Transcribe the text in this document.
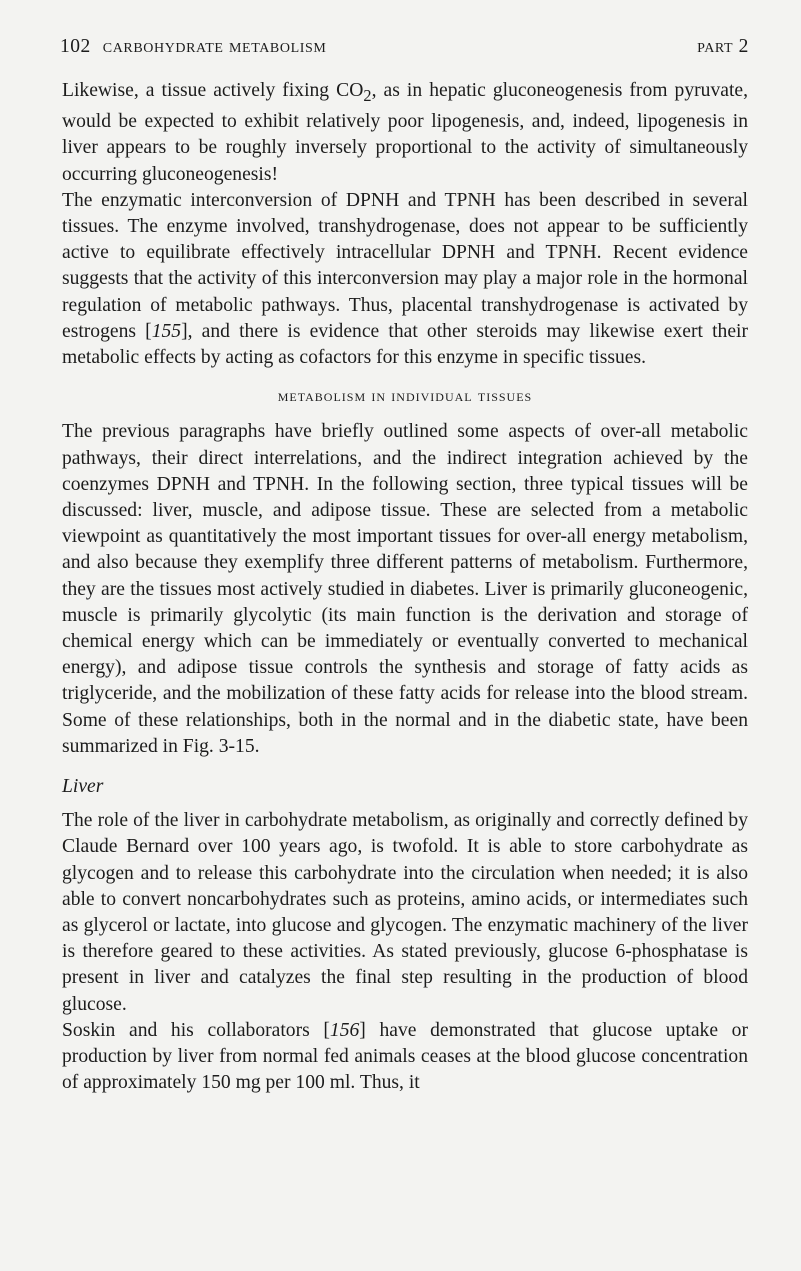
102 carbohydrate metabolism	part 2

Likewise, a tissue actively fixing $CO_2$, as in hepatic gluconeogenesis from pyruvate, would be expected to exhibit relatively poor lipogenesis, and, indeed, lipogenesis in liver appears to be roughly inversely proportional to the activity of simultaneously occurring gluconeogenesis!

The enzymatic interconversion of DPNH and TPNH has been described in several tissues. The enzyme involved, transhydrogenase, does not appear to be sufficiently active to equilibrate effectively intracellular DPNH and TPNH. Recent evidence suggests that the activity of this interconversion may play a major role in the hormonal regulation of metabolic pathways. Thus, placental transhydrogenase is activated by estrogens [155], and there is evidence that other steroids may likewise exert their metabolic effects by acting as cofactors for this enzyme in specific tissues.

metabolism in individual tissues

The previous paragraphs have briefly outlined some aspects of over-all metabolic pathways, their direct interrelations, and the indirect integration achieved by the coenzymes DPNH and TPNH. In the following section, three typical tissues will be discussed: liver, muscle, and adipose tissue. These are selected from a metabolic viewpoint as quantitatively the most important tissues for over-all energy metabolism, and also because they exemplify three different patterns of metabolism. Furthermore, they are the tissues most actively studied in diabetes. Liver is primarily gluconeogenic, muscle is primarily glycolytic (its main function is the derivation and storage of chemical energy which can be immediately or eventually converted to mechanical energy), and adipose tissue controls the synthesis and storage of fatty acids as triglyceride, and the mobilization of these fatty acids for release into the blood stream. Some of these relationships, both in the normal and in the diabetic state, have been summarized in Fig. 3-15.

Liver

The role of the liver in carbohydrate metabolism, as originally and correctly defined by Claude Bernard over 100 years ago, is twofold. It is able to store carbohydrate as glycogen and to release this carbohydrate into the circulation when needed; it is also able to convert noncarbohydrates such as proteins, amino acids, or intermediates such as glycerol or lactate, into glucose and glycogen. The enzymatic machinery of the liver is therefore geared to these activities. As stated previously, glucose 6-phosphatase is present in liver and catalyzes the final step resulting in the production of blood glucose.

Soskin and his collaborators [156] have demonstrated that glucose uptake or production by liver from normal fed animals ceases at the blood glucose concentration of approximately 150 mg per 100 ml. Thus, it
